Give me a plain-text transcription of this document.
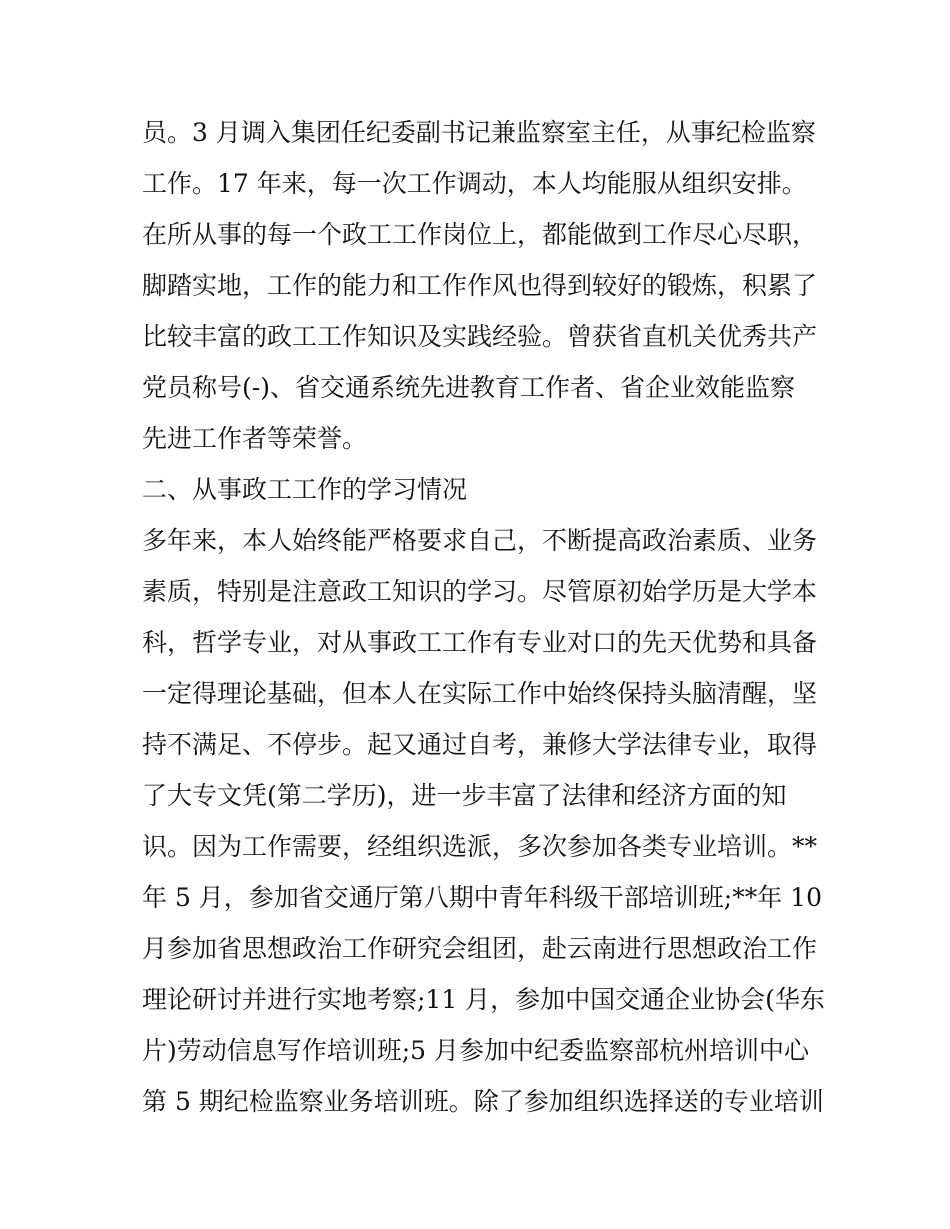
员。3 月调入集团任纪委副书记兼监察室主任，从事纪检监察
工作。17 年来，每一次工作调动，本人均能服从组织安排。
在所从事的每一个政工工作岗位上，都能做到工作尽心尽职，
脚踏实地，工作的能力和工作作风也得到较好的锻炼，积累了
比较丰富的政工工作知识及实践经验。曾获省直机关优秀共产
党员称号(-)、省交通系统先进教育工作者、省企业效能监察
先进工作者等荣誉。
二、从事政工工作的学习情况
多年来，本人始终能严格要求自己，不断提高政治素质、业务
素质，特别是注意政工知识的学习。尽管原初始学历是大学本
科，哲学专业，对从事政工工作有专业对口的先天优势和具备
一定得理论基础，但本人在实际工作中始终保持头脑清醒，坚
持不满足、不停步。起又通过自考，兼修大学法律专业，取得
了大专文凭(第二学历)，进一步丰富了法律和经济方面的知
识。因为工作需要，经组织选派，多次参加各类专业培训。**
年 5 月，参加省交通厅第八期中青年科级干部培训班;**年 10
月参加省思想政治工作研究会组团，赴云南进行思想政治工作
理论研讨并进行实地考察;11 月，参加中国交通企业协会(华东
片)劳动信息写作培训班;5 月参加中纪委监察部杭州培训中心
第 5 期纪检监察业务培训班。除了参加组织选择送的专业培训
